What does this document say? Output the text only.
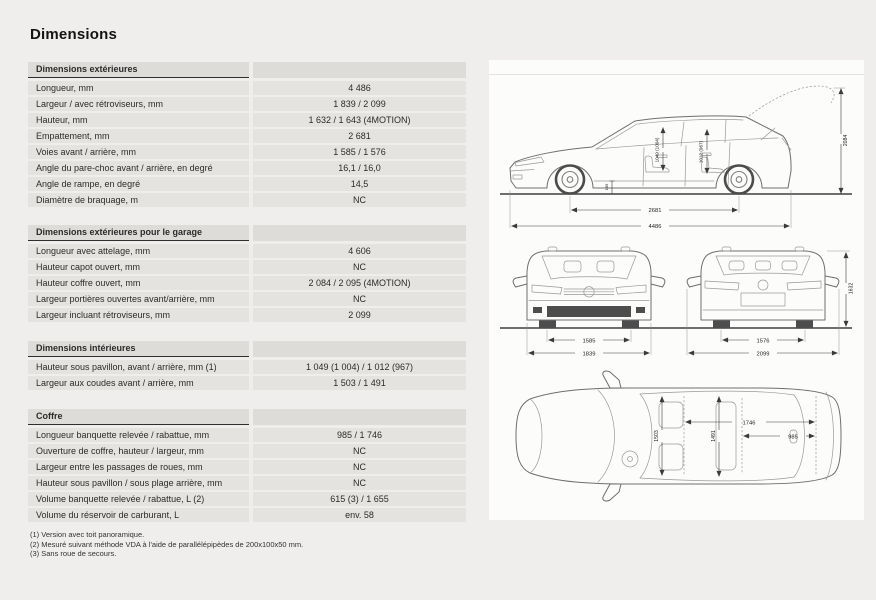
Dimensions
Dimensions extérieures
Longueur, mm	4 486
Largeur / avec rétroviseurs, mm	1 839 / 2 099
Hauteur, mm	1 632 / 1 643 (4MOTION)
Empattement, mm	2 681
Voies avant / arrière, mm	1 585 / 1 576
Angle du pare-choc avant / arrière, en degré	16,1 / 16,0
Angle de rampe, en degré	14,5
Diamètre de braquage, m	NC
Dimensions extérieures pour le garage
Longueur avec attelage, mm	4 606
Hauteur capot ouvert, mm	NC
Hauteur coffre ouvert, mm	2 084 / 2 095 (4MOTION)
Largeur portières ouvertes avant/arrière, mm	NC
Largeur incluant rétroviseurs, mm	2 099
Dimensions intérieures
Hauteur sous pavillon, avant / arrière, mm (1)	1 049 (1 004) / 1 012 (967)
Largeur aux coudes avant / arrière, mm	1 503 / 1 491
Coffre
Longueur banquette relevée / rabattue, mm	985 / 1 746
Ouverture de coffre, hauteur / largeur, mm	NC
Largeur entre les passages de roues, mm	NC
Hauteur sous pavillon / sous plage arrière, mm	NC
Volume banquette relevée / rabattue, L (2)	615 (3) / 1 655
Volume du réservoir de carburant, L	env. 58
(1) Version avec toit panoramique.
(2) Mesuré suivant méthode VDA à l'aide de parallélépipèdes de 200x100x50 mm.
(3) Sans roue de secours.
2084
1049 (1004)	1012 (967)
189
2681
4486
1585
1839
1576
2099
1632
1746
985
1503	1491
